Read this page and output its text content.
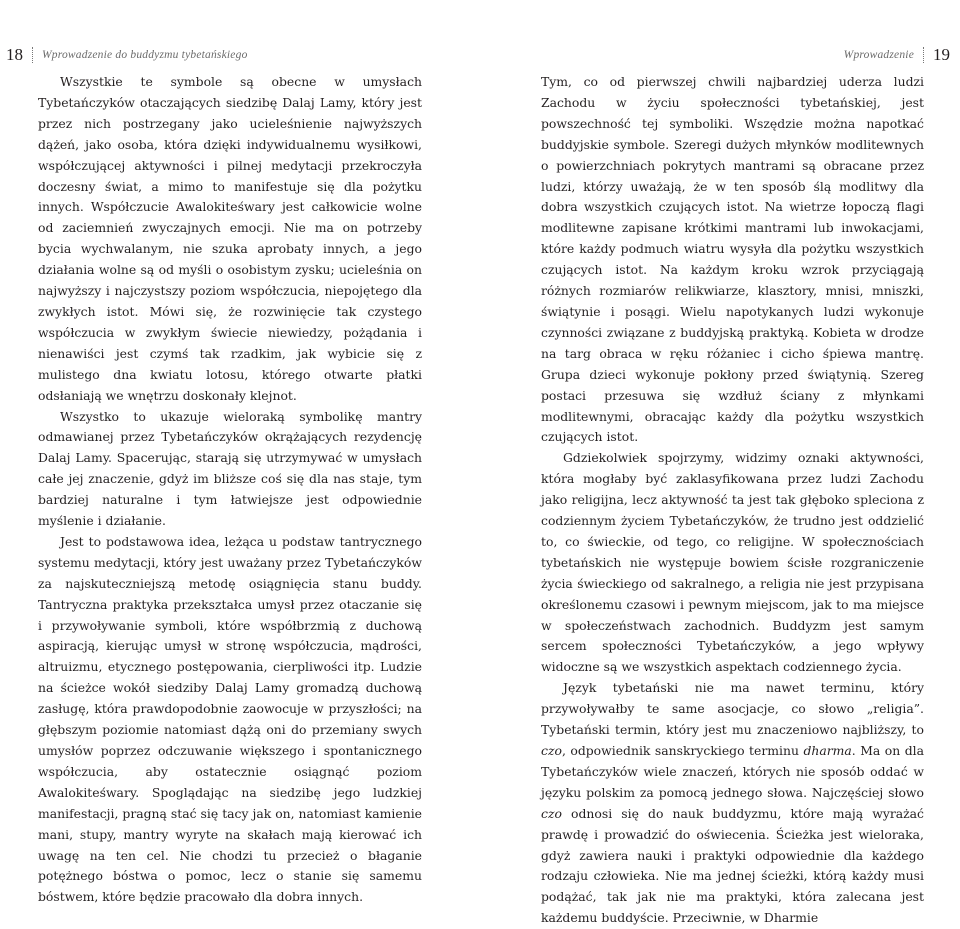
18 Wprowadzenie do buddyzmu tybetańskiego

Wszystkie te symbole są obecne w umysłach Tybetańczyków otaczających siedzibę Dalaj Lamy, który jest przez nich postrzegany jako ucieleśnienie najwyższych dążeń, jako osoba, która dzięki indywidualnemu wysiłkowi, współczującej aktywności i pilnej medytacji przekroczyła doczesny świat, a mimo to manifestuje się dla pożytku innych. Współczucie Awalokiteśwary jest całkowicie wolne od zaciemnień zwyczajnych emocji. Nie ma on potrzeby bycia wychwalanym, nie szuka aprobaty innych, a jego działania wolne są od myśli o osobistym zysku; ucieleśnia on najwyższy i najczystszy poziom współczucia, niepojętego dla zwykłych istot. Mówi się, że rozwinięcie tak czystego współczucia w zwykłym świecie niewiedzy, pożądania i nienawiści jest czymś tak rzadkim, jak wybicie się z mulistego dna kwiatu lotosu, którego otwarte płatki odsłaniają we wnętrzu doskonały klejnot.

Wszystko to ukazuje wieloraką symbolikę mantry odmawianej przez Tybetańczyków okrążających rezydencję Dalaj Lamy. Spacerując, starają się utrzymywać w umysłach całe jej znaczenie, gdyż im bliższe coś się dla nas staje, tym bardziej naturalne i tym łatwiejsze jest odpowiednie myślenie i działanie.

Jest to podstawowa idea, leżąca u podstaw tantrycznego systemu medytacji, który jest uważany przez Tybetańczyków za najskuteczniejszą metodę osiągnięcia stanu buddy. Tantryczna praktyka przekształca umysł przez otaczanie się i przywoływanie symboli, które współbrzmią z duchową aspiracją, kierując umysł w stronę współczucia, mądrości, altruizmu, etycznego postępowania, cierpliwości itp. Ludzie na ścieżce wokół siedziby Dalaj Lamy gromadzą duchową zasługę, która prawdopodobnie zaowocuje w przyszłości; na głębszym poziomie natomiast dążą oni do przemiany swych umysłów poprzez odczuwanie większego i spontanicznego współczucia, aby ostatecznie osiągnąć poziom Awalokiteśwary. Spoglądając na siedzibę jego ludzkiej manifestacji, pragną stać się tacy jak on, natomiast kamienie mani, stupy, mantry wyryte na skałach mają kierować ich uwagę na ten cel. Nie chodzi tu przecież o błaganie potężnego bóstwa o pomoc, lecz o stanie się samemu bóstwem, które będzie pracowało dla dobra innych.

Wprowadzenie 19

Tym, co od pierwszej chwili najbardziej uderza ludzi Zachodu w życiu społeczności tybetańskiej, jest powszechność tej symboliki. Wszędzie można napotkać buddyjskie symbole. Szeregi dużych młynków modlitewnych o powierzchniach pokrytych mantrami są obracane przez ludzi, którzy uważają, że w ten sposób ślą modlitwy dla dobra wszystkich czujących istot. Na wietrze łopoczą flagi modlitewne zapisane krótkimi mantrami lub inwokacjami, które każdy podmuch wiatru wysyła dla pożytku wszystkich czujących istot. Na każdym kroku wzrok przyciągają różnych rozmiarów relikwiarze, klasztory, mnisi, mniszki, świątynie i posągi. Wielu napotykanych ludzi wykonuje czynności związane z buddyjską praktyką. Kobieta w drodze na targ obraca w ręku różaniec i cicho śpiewa mantrę. Grupa dzieci wykonuje pokłony przed świątynią. Szereg postaci przesuwa się wzdłuż ściany z młynkami modlitewnymi, obracając każdy dla pożytku wszystkich czujących istot.

Gdziekolwiek spojrzymy, widzimy oznaki aktywności, która mogłaby być zaklasyfikowana przez ludzi Zachodu jako religijna, lecz aktywność ta jest tak głęboko spleciona z codziennym życiem Tybetańczyków, że trudno jest oddzielić to, co świeckie, od tego, co religijne. W społecznościach tybetańskich nie występuje bowiem ścisłe rozgraniczenie życia świeckiego od sakralnego, a religia nie jest przypisana określonemu czasowi i pewnym miejscom, jak to ma miejsce w społeczeństwach zachodnich. Buddyzm jest samym sercem społeczności Tybetańczyków, a jego wpływy widoczne są we wszystkich aspektach codziennego życia.

Język tybetański nie ma nawet terminu, który przywoływałby te same asocjacje, co słowo „religia”. Tybetański termin, który jest mu znaczeniowo najbliższy, to czo, odpowiednik sanskryckiego terminu dharma. Ma on dla Tybetańczyków wiele znaczeń, których nie sposób oddać w języku polskim za pomocą jednego słowa. Najczęściej słowo czo odnosi się do nauk buddyzmu, które mają wyrażać prawdę i prowadzić do oświecenia. Ścieżka jest wieloraka, gdyż zawiera nauki i praktyki odpowiednie dla każdego rodzaju człowieka. Nie ma jednej ścieżki, którą każdy musi podążać, tak jak nie ma praktyki, która zalecana jest każdemu buddyście. Przeciwnie, w Dharmie
